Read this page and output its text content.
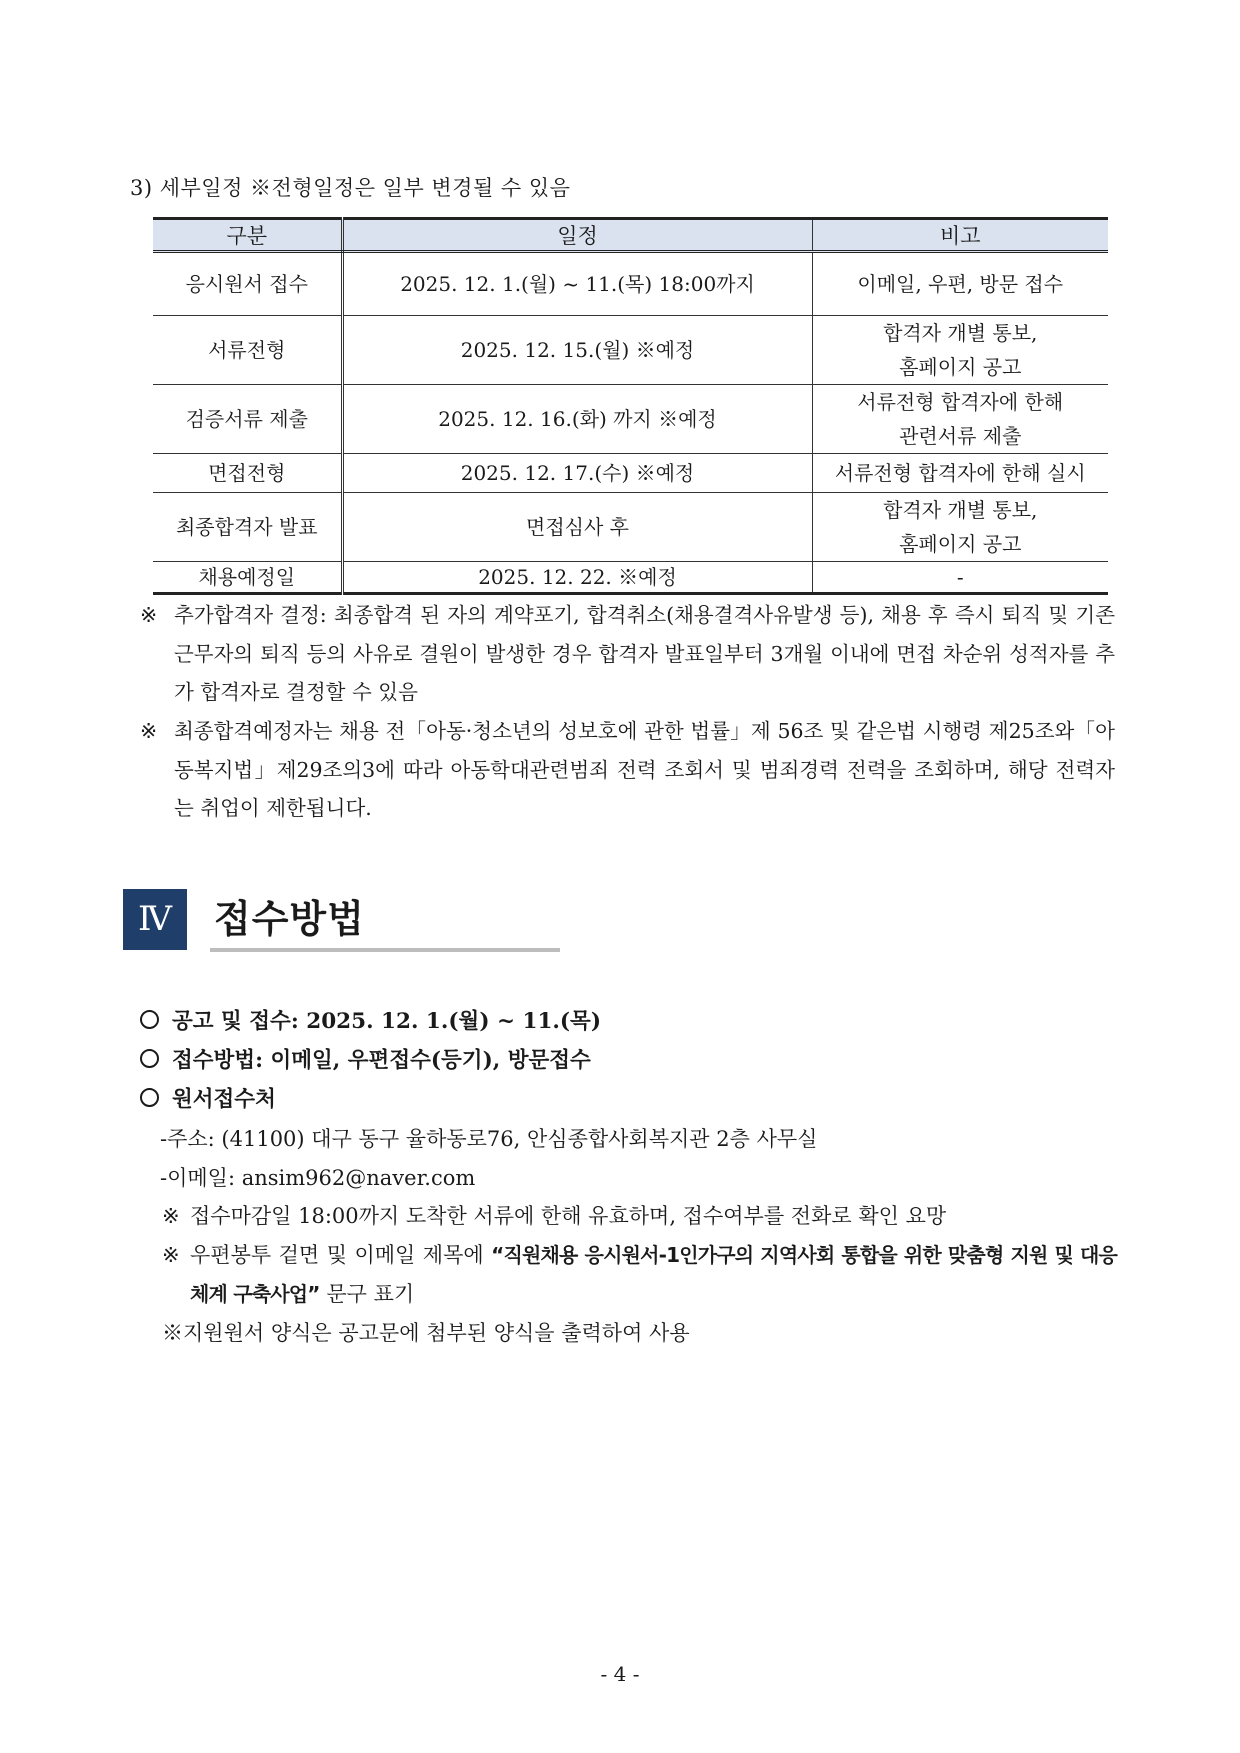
3) 세부일정 ※전형일정은 일부 변경될 수 있음
구분	일정	비고
응시원서 접수	2025. 12. 1.(월) ~ 11.(목) 18:00까지	이메일, 우편, 방문 접수

서류전형	2025. 12. 15.(월) ※예정	합격자 개별 통보,
홈페이지 공고

검증서류 제출	2025. 12. 16.(화) 까지 ※예정	서류전형 합격자에 한해
관련서류 제출

면접전형	2025. 12. 17.(수) ※예정	서류전형 합격자에 한해 실시

최종합격자 발표	면접심사 후	합격자 개별 통보,
홈페이지 공고

채용예정일	2025. 12. 22. ※예정	-
※ 추가합격자 결정: 최종합격 된 자의 계약포기, 합격취소(채용결격사유발생 등), 채용 후 즉시 퇴직 및 기존근무자의 퇴직 등의 사유로 결원이 발생한 경우 합격자 발표일부터 3개월 이내에 면접 차순위 성적자를 추가 합격자로 결정할 수 있음
※ 최종합격예정자는 채용 전「아동·청소년의 성보호에 관한 법률」제 56조 및 같은법 시행령 제25조와「아동복지법」제29조의3에 따라 아동학대관련범죄 전력 조회서 및 범죄경력 전력을 조회하며, 해당 전력자는 취업이 제한됩니다.
Ⅳ	접수방법
공고 및 접수: 2025. 12. 1.(월) ~ 11.(목)
접수방법: 이메일, 우편접수(등기), 방문접수
원서접수처
-주소: (41100) 대구 동구 율하동로76, 안심종합사회복지관 2층 사무실
-이메일: ansim962@naver.com
※ 접수마감일 18:00까지 도착한 서류에 한해 유효하며, 접수여부를 전화로 확인 요망
※ 우편봉투 겉면 및 이메일 제목에 “직원채용 응시원서-1인가구의 지역사회 통합을 위한 맞춤형 지원 및 대응체계 구축사업” 문구 표기
※지원원서 양식은 공고문에 첨부된 양식을 출력하여 사용
- 4 -
